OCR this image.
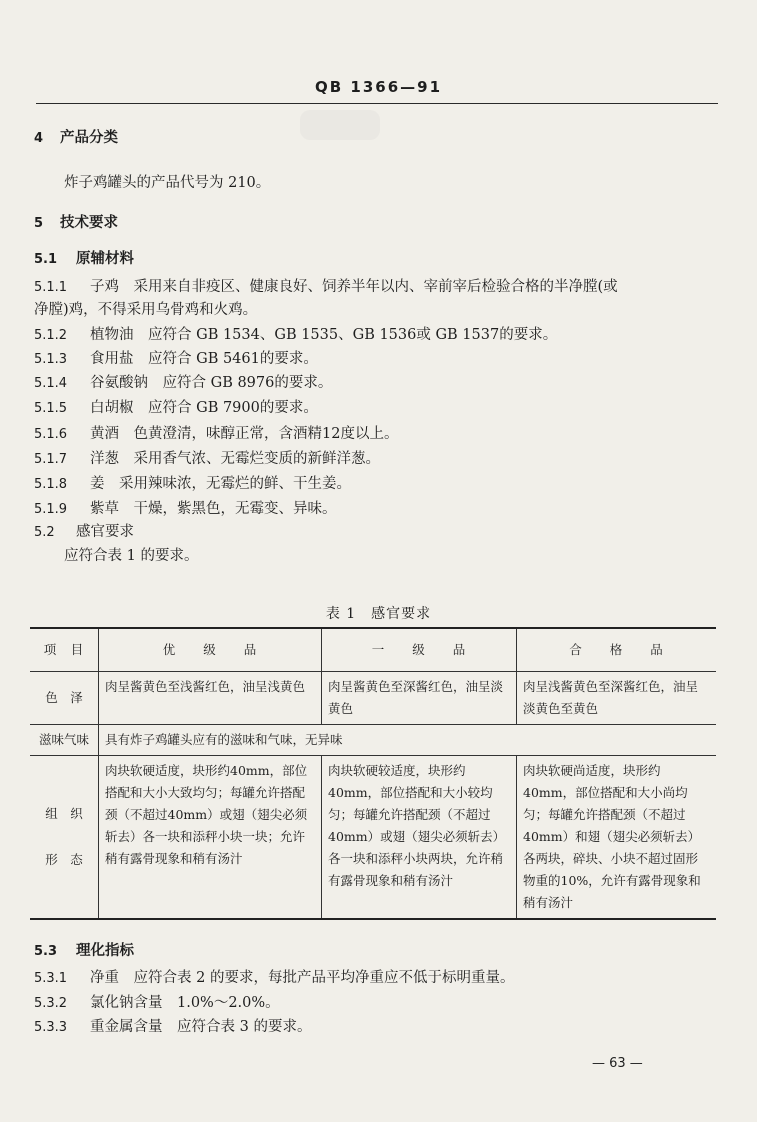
QB 1366—91
4 产品分类
炸子鸡罐头的产品代号为 210。
5 技术要求
5.1 原辅材料
5.1.1 子鸡　采用来自非疫区、健康良好、饲养半年以内、宰前宰后检验合格的半净膛(或
净膛)鸡，不得采用乌骨鸡和火鸡。
5.1.2 植物油　应符合 GB 1534、GB 1535、GB 1536或 GB 1537的要求。
5.1.3 食用盐　应符合 GB 5461的要求。
5.1.4 谷氨酸钠　应符合 GB 8976的要求。
5.1.5 白胡椒　应符合 GB 7900的要求。
5.1.6 黄酒　色黄澄清，味醇正常，含酒精12度以上。
5.1.7 洋葱　采用香气浓、无霉烂变质的新鲜洋葱。
5.1.8 姜　采用辣味浓，无霉烂的鲜、干生姜。
5.1.9 紫草　干燥，紫黑色，无霉变、异味。
5.2 感官要求
应符合表 1 的要求。
表 1　感官要求
项　目	优　　级　　品	一　　级　　品	合　　格　　品
色　泽	肉呈酱黄色至浅酱红色，油呈浅黄色	肉呈酱黄色至深酱红色，油呈淡黄色	肉呈浅酱黄色至深酱红色，油呈淡黄色至黄色
滋味气味	具有炸子鸡罐头应有的滋味和气味，无异味		
组　织　形　态	肉块软硬适度，块形约40mm，部位搭配和大小大致均匀；每罐允许搭配颈（不超过40mm）或翅（翅尖必须斩去）各一块和添秤小块一块；允许稍有露骨现象和稍有汤汁	肉块软硬较适度，块形约40mm，部位搭配和大小较均匀；每罐允许搭配颈（不超过40mm）或翅（翅尖必须斩去）各一块和添秤小块两块，允许稍有露骨现象和稍有汤汁	肉块软硬尚适度，块形约40mm，部位搭配和大小尚均匀；每罐允许搭配颈（不超过40mm）和翅（翅尖必须斩去）各两块，碎块、小块不超过固形物重的10%，允许有露骨现象和稍有汤汁
5.3 理化指标
5.3.1 净重　应符合表 2 的要求，每批产品平均净重应不低于标明重量。
5.3.2 氯化钠含量　1.0%～2.0%。
5.3.3 重金属含量　应符合表 3 的要求。
— 63 —
